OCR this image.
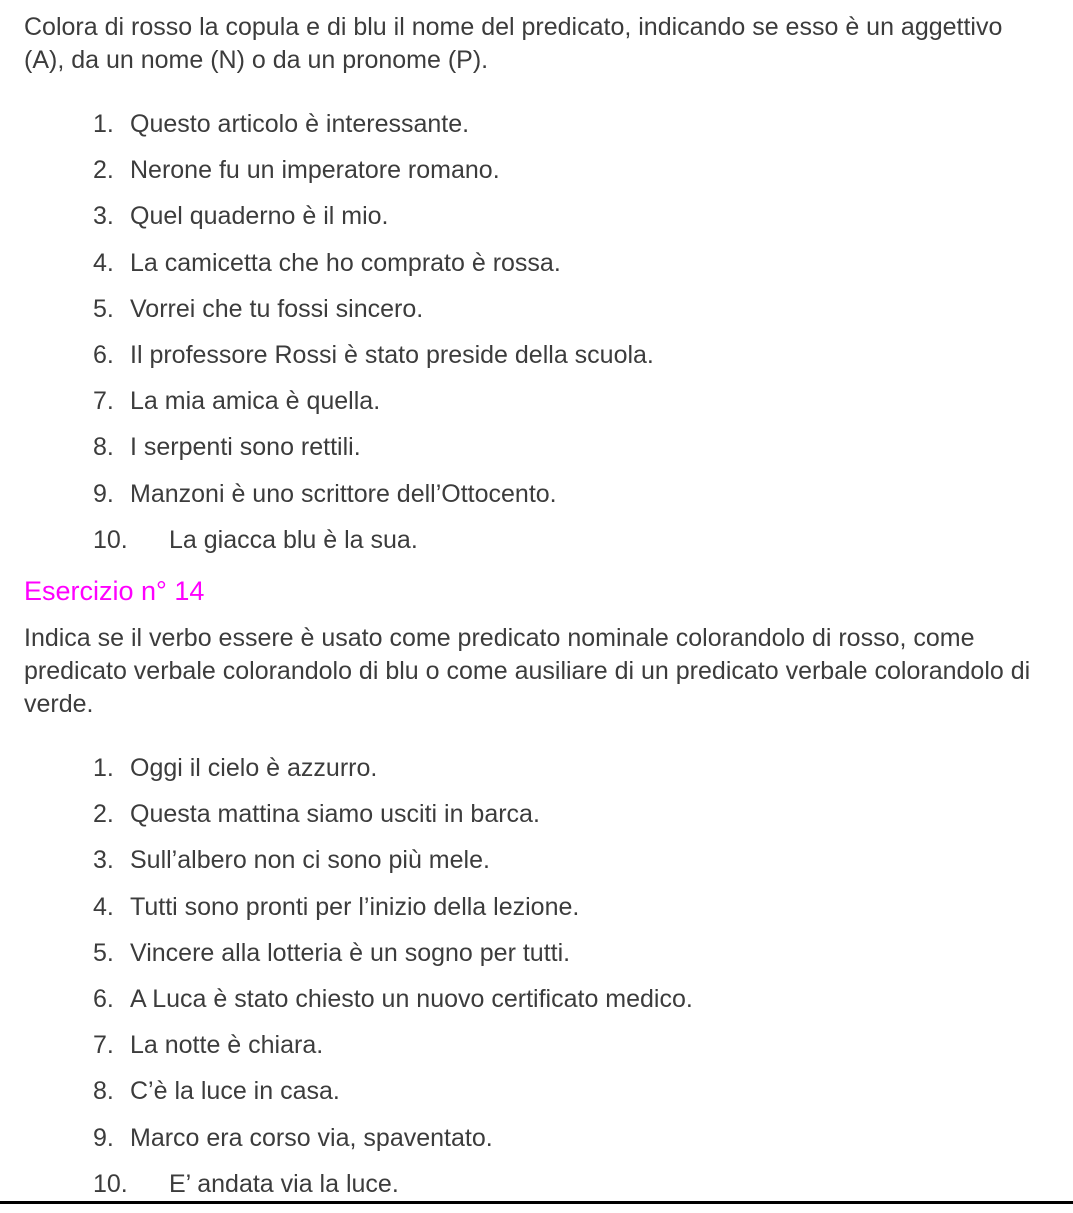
Colora di rosso la copula e di blu il nome del predicato, indicando se esso è un aggettivo (A), da un nome (N) o da un pronome (P).

1. Questo articolo è interessante.
2. Nerone fu un imperatore romano.
3. Quel quaderno è il mio.
4. La camicetta che ho comprato è rossa.
5. Vorrei che tu fossi sincero.
6. Il professore Rossi è stato preside della scuola.
7. La mia amica è quella.
8. I serpenti sono rettili.
9. Manzoni è uno scrittore dell’Ottocento.
10. La giacca blu è la sua.
Esercizio n° 14

Indica se il verbo essere è usato come predicato nominale colorandolo di rosso, come predicato verbale colorandolo di blu o come ausiliare di un predicato verbale colorandolo di verde.

1. Oggi il cielo è azzurro.
2. Questa mattina siamo usciti in barca.
3. Sull’albero non ci sono più mele.
4. Tutti sono pronti per l’inizio della lezione.
5. Vincere alla lotteria è un sogno per tutti.
6. A Luca è stato chiesto un nuovo certificato medico.
7. La notte è chiara.
8. C’è la luce in casa.
9. Marco era corso via, spaventato.
10. E’ andata via la luce.
